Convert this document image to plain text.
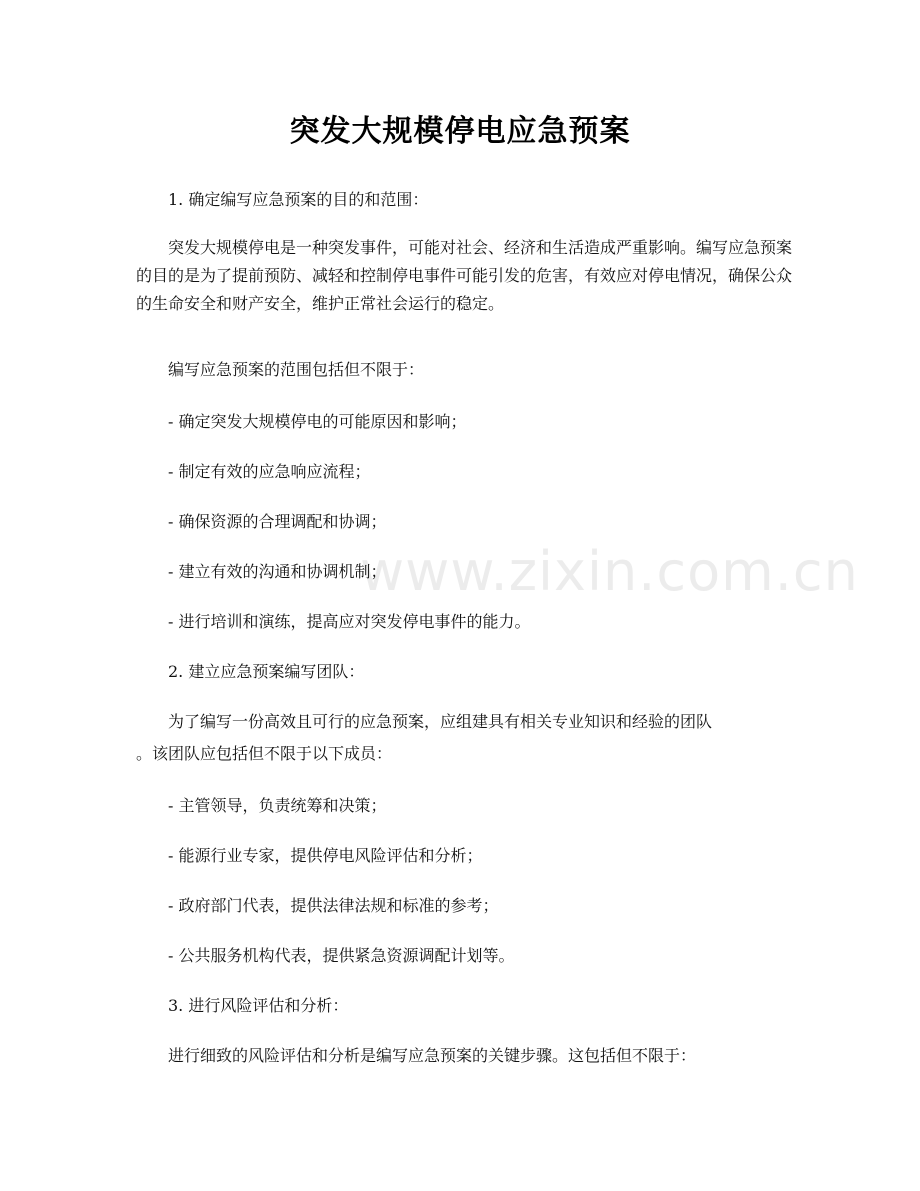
www.zixin.com.cn
突发大规模停电应急预案

1. 确定编写应急预案的目的和范围：

突发大规模停电是一种突发事件，可能对社会、经济和生活造成严重影响。编写应急预案的目的是为了提前预防、减轻和控制停电事件可能引发的危害，有效应对停电情况，确保公众的生命安全和财产安全，维护正常社会运行的稳定。

编写应急预案的范围包括但不限于：

- 确定突发大规模停电的可能原因和影响；

- 制定有效的应急响应流程；

- 确保资源的合理调配和协调；

- 建立有效的沟通和协调机制；

- 进行培训和演练，提高应对突发停电事件的能力。

2. 建立应急预案编写团队：

为了编写一份高效且可行的应急预案，应组建具有相关专业知识和经验的团队

。该团队应包括但不限于以下成员：

- 主管领导，负责统筹和决策；

- 能源行业专家，提供停电风险评估和分析；

- 政府部门代表，提供法律法规和标准的参考；

- 公共服务机构代表，提供紧急资源调配计划等。

3. 进行风险评估和分析：

进行细致的风险评估和分析是编写应急预案的关键步骤。这包括但不限于：
